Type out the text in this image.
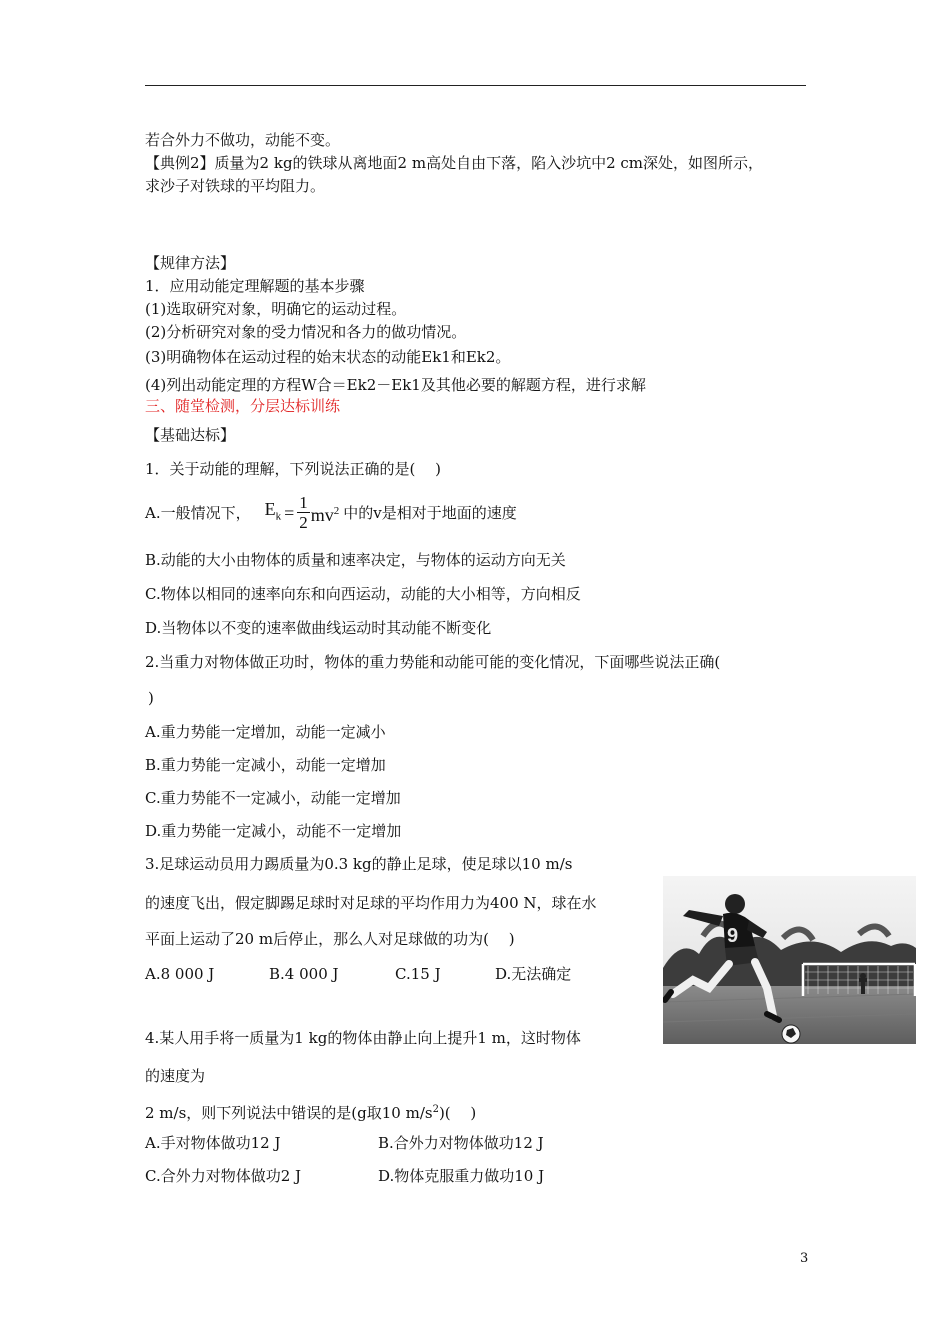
若合外力不做功，动能不变。
【典例2】质量为2 kg的铁球从离地面2 m高处自由下落，陷入沙坑中2 cm深处，如图所示，
求沙子对铁球的平均阻力。
【规律方法】
1．应用动能定理解题的基本步骤
(1)选取研究对象，明确它的运动过程。
(2)分析研究对象的受力情况和各力的做功情况。
(3)明确物体在运动过程的始末状态的动能Ek1和Ek2。
(4)列出动能定理的方程W合＝Ek2－Ek1及其他必要的解题方程，进行求解
三、随堂检测，分层达标训练
【基础达标】
1．关于动能的理解，下列说法正确的是(　 )
A.一般情况下， $E_k = \frac{1}{2} mv^2$ 中的v是相对于地面的速度
B.动能的大小由物体的质量和速率决定，与物体的运动方向无关
C.物体以相同的速率向东和向西运动，动能的大小相等，方向相反
D.当物体以不变的速率做曲线运动时其动能不断变化
2.当重力对物体做正功时，物体的重力势能和动能可能的变化情况，下面哪些说法正确(
)
A.重力势能一定增加，动能一定减小
B.重力势能一定减小，动能一定增加
C.重力势能不一定减小，动能一定增加
D.重力势能一定减小，动能不一定增加
3.足球运动员用力踢质量为0.3 kg的静止足球，使足球以10 m/s
的速度飞出，假定脚踢足球时对足球的平均作用力为400 N，球在水
平面上运动了20 m后停止，那么人对足球做的功为(　 )
A.8 000 J	B.4 000 J	C.15 J	D.无法确定
9
4.某人用手将一质量为1 kg的物体由静止向上提升1 m，这时物体
的速度为
2 m/s，则下列说法中错误的是(g取10 $m/s^2$)(　 )
A.手对物体做功12 J	B.合外力对物体做功12 J
C.合外力对物体做功2 J	D.物体克服重力做功10 J
3
